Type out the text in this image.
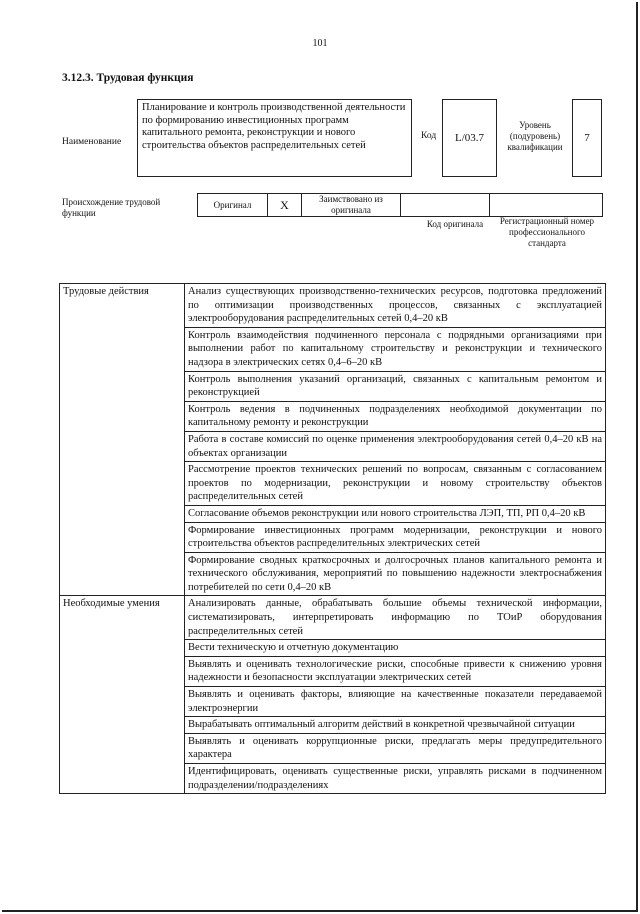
101
3.12.3. Трудовая функция
Наименование
Планирование и контроль производственной деятельности по формированию инвестиционных программ капитального ремонта, реконструкции и нового строительства объектов распределительных сетей
Код L/03.7
Уровень (подуровень) квалификации
7
Происхождение трудовой функции
Оригинал X	Заимствовано из оригинала
Код оригинала	Регистрационный номер профессионального стандарта
Трудовые действия	Анализ существующих производственно-технических ресурсов, подготовка предложений по оптимизации производственных процессов, связанных с эксплуатацией электрооборудования распределительных сетей 0,4–20 кВ
	Контроль взаимодействия подчиненного персонала с подрядными организациями при выполнении работ по капитальному строительству и реконструкции и технического надзора в электрических сетях 0,4–6–20 кВ
	Контроль выполнения указаний организаций, связанных с капитальным ремонтом и реконструкцией
	Контроль ведения в подчиненных подразделениях необходимой документации по капитальному ремонту и реконструкции
	Работа в составе комиссий по оценке применения электрооборудования сетей 0,4–20 кВ на объектах организации
	Рассмотрение проектов технических решений по вопросам, связанным с согласованием проектов по модернизации, реконструкции и новому строительству объектов распределительных сетей
	Согласование объемов реконструкции или нового строительства ЛЭП, ТП, РП 0,4–20 кВ
	Формирование инвестиционных программ модернизации, реконструкции и нового строительства объектов распределительных электрических сетей
	Формирование сводных краткосрочных и долгосрочных планов капитального ремонта и технического обслуживания, мероприятий по повышению надежности электроснабжения потребителей по сети 0,4–20 кВ
Необходимые умения	Анализировать данные, обрабатывать большие объемы технической информации, систематизировать, интерпретировать информацию по ТОиР оборудования распределительных сетей
	Вести техническую и отчетную документацию
	Выявлять и оценивать технологические риски, способные привести к снижению уровня надежности и безопасности эксплуатации электрических сетей
	Выявлять и оценивать факторы, влияющие на качественные показатели передаваемой электроэнергии
	Вырабатывать оптимальный алгоритм действий в конкретной чрезвычайной ситуации
	Выявлять и оценивать коррупционные риски, предлагать меры предупредительного характера
	Идентифицировать, оценивать существенные риски, управлять рисками в подчиненном подразделении/подразделениях
